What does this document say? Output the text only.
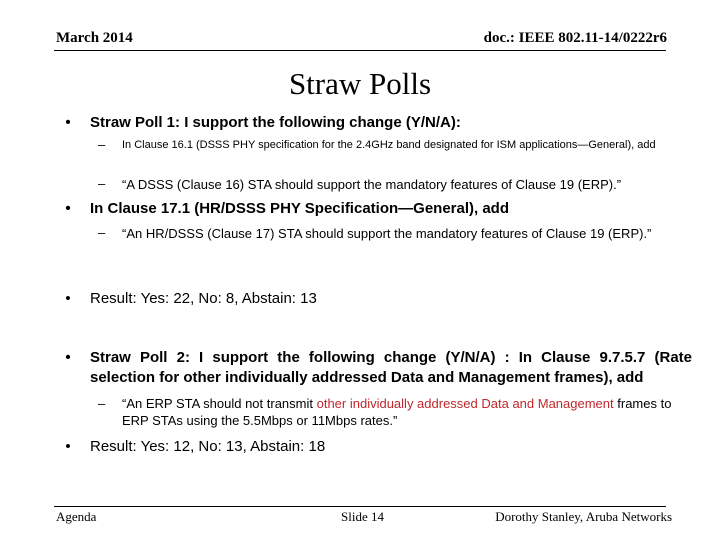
March 2014	doc.: IEEE 802.11-14/0222r6
Straw Polls
• Straw Poll 1: I support the following change (Y/N/A):
–	In Clause 16.1 (DSSS PHY specification for the 2.4GHz band designated for ISM applications—General), add
–	“A DSSS (Clause 16) STA should support the mandatory features of Clause 19 (ERP).”
• In Clause 17.1 (HR/DSSS PHY Specification—General), add
–	“An HR/DSSS (Clause 17) STA should support the mandatory features of Clause 19 (ERP).”
• Result: Yes: 22, No: 8, Abstain: 13
• Straw Poll 2: I support the following change (Y/N/A) : In Clause 9.7.5.7 (Rate selection for other individually addressed Data and Management frames), add
–	“An ERP STA should not transmit other individually addressed Data and Management frames to ERP STAs using the 5.5Mbps or 11Mbps rates.”
• Result: Yes: 12, No: 13, Abstain: 18
Agenda	Slide 14	Dorothy Stanley, Aruba Networks
